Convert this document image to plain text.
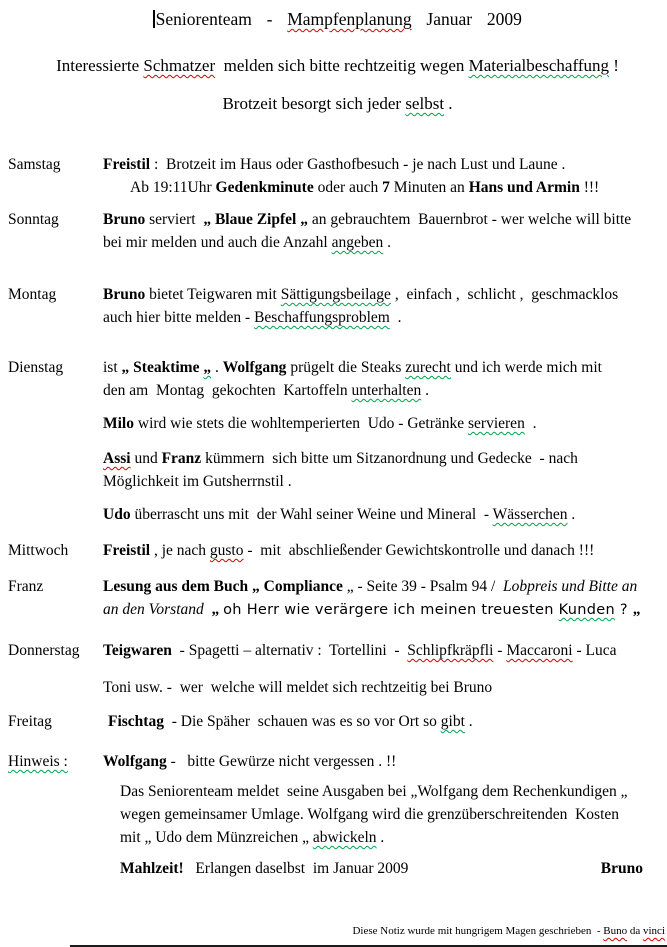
Seniorenteam  -  Mampfenplanung  Januar  2009
Interessierte Schmatzer  melden sich bitte rechtzeitig wegen Materialbeschaffung !
Brotzeit besorgt sich jeder selbst .
Samstag	Freistil :  Brotzeit im Haus oder Gasthofbesuch - je nach Lust und Laune .
Ab 19:11Uhr Gedenkminute oder auch 7 Minuten an Hans und Armin !!!
Sonntag	Bruno serviert  „ Blaue Zipfel „ an gebrauchtem  Bauernbrot - wer welche will bitte
bei mir melden und auch die Anzahl angeben .
Montag	Bruno bietet Teigwaren mit Sättigungsbeilage ,  einfach ,  schlicht ,  geschmacklos
auch hier bitte melden - Beschaffungsproblem  .
Dienstag	ist „ Steaktime „ . Wolfgang prügelt die Steaks zurecht und ich werde mich mit
den am  Montag  gekochten  Kartoffeln unterhalten .
Milo wird wie stets die wohltemperierten  Udo - Getränke servieren  .
Assi und Franz kümmern  sich bitte um Sitzanordnung und Gedecke  - nach
Möglichkeit im Gutsherrnstil .
Udo überrascht uns mit  der Wahl seiner Weine und Mineral  - Wässerchen .
Mittwoch	Freistil , je nach gusto -  mit  abschließender Gewichtskontrolle und danach !!!
Franz	Lesung aus dem Buch „ Compliance „ - Seite 39 - Psalm 94 /  Lobpreis und Bitte an
an den Vorstand „ oh Herr wie verärgere ich meinen treuesten Kunden ? „
Donnerstag	Teigwaren  - Spagetti – alternativ :  Tortellini  -  Schlipfkräpfli - Maccaroni - Luca
Toni usw. -  wer  welche will meldet sich rechtzeitig bei Bruno
Freitag	Fischtag  - Die Späher  schauen was es so vor Ort so gibt .
Hinweis :	Wolfgang -   bitte Gewürze nicht vergessen . !!
Das Seniorenteam meldet  seine Ausgaben bei „Wolfgang dem Rechenkundigen „
wegen gemeinsamer Umlage. Wolfgang wird die grenzüberschreitenden  Kosten
mit „ Udo dem Münzreichen „ abwickeln .
Mahlzeit!   Erlangen daselbst  im Januar 2009	Bruno
Diese Notiz wurde mit hungrigem Magen geschrieben  - Buno da vinci
